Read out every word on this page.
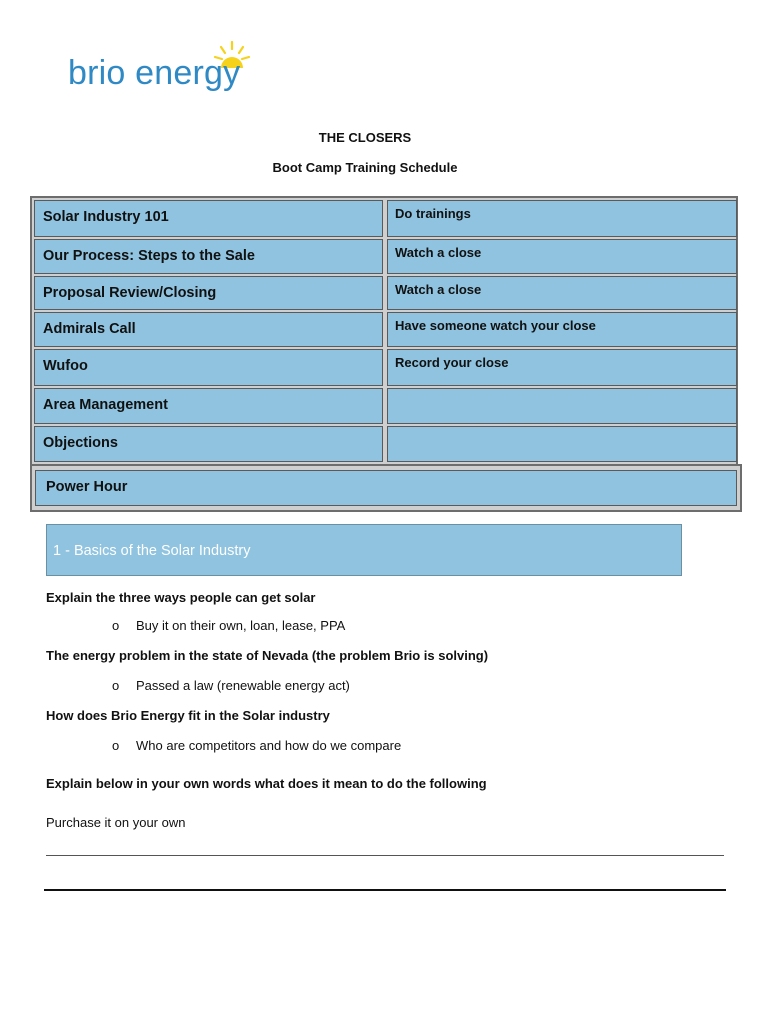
brio energy
THE CLOSERS
Boot Camp Training Schedule
Solar Industry 101	Do trainings
Our Process: Steps to the Sale	Watch a close
Proposal Review/Closing	Watch a close
Admirals Call	Have someone watch your close
Wufoo	Record your close
Area Management
Objections
Power Hour
1 - Basics of the Solar Industry
Explain the three ways people can get solar
o Buy it on their own, loan, lease, PPA
The energy problem in the state of Nevada (the problem Brio is solving)
o Passed a law (renewable energy act)
How does Brio Energy fit in the Solar industry
o Who are competitors and how do we compare
Explain below in your own words what does it mean to do the following
Purchase it on your own
